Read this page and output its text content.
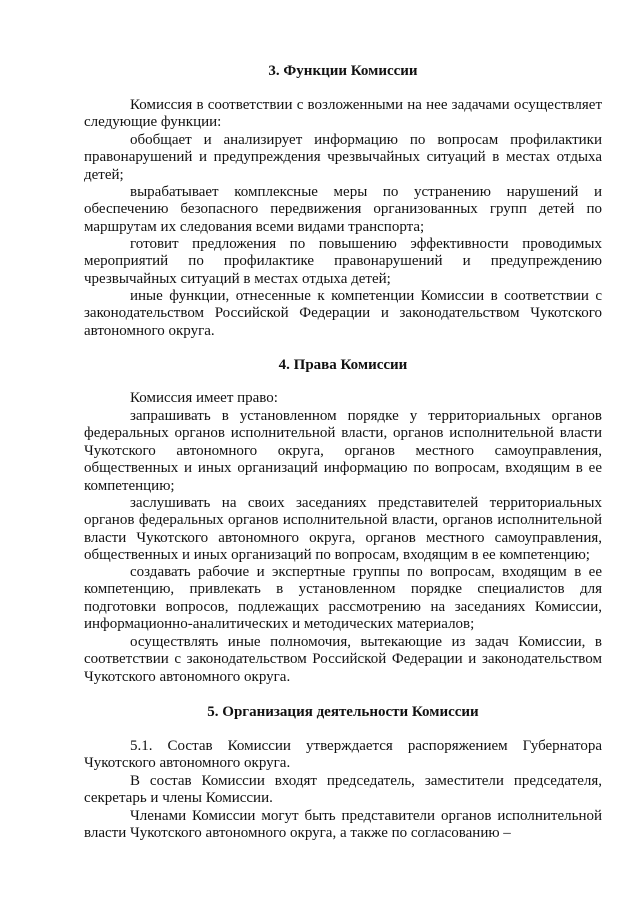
3. Функции Комиссии

Комиссия в соответствии с возложенными на нее задачами осуществляет следующие функции:

обобщает и анализирует информацию по вопросам профилактики правонарушений и предупреждения чрезвычайных ситуаций в местах отдыха детей;

вырабатывает комплексные меры по устранению нарушений и обеспечению безопасного передвижения организованных групп детей по маршрутам их следования всеми видами транспорта;

готовит предложения по повышению эффективности проводимых мероприятий по профилактике правонарушений и предупреждению чрезвычайных ситуаций в местах отдыха детей;

иные функции, отнесенные к компетенции Комиссии в соответствии с законодательством Российской Федерации и законодательством Чукотского автономного округа.

4. Права Комиссии

Комиссия имеет право:

запрашивать в установленном порядке у территориальных органов федеральных органов исполнительной власти, органов исполнительной власти Чукотского автономного округа, органов местного самоуправления, общественных и иных организаций информацию по вопросам, входящим в ее компетенцию;

заслушивать на своих заседаниях представителей территориальных органов федеральных органов исполнительной власти, органов исполнительной власти Чукотского автономного округа, органов местного самоуправления, общественных и иных организаций по вопросам, входящим в ее компетенцию;

создавать рабочие и экспертные группы по вопросам, входящим в ее компетенцию, привлекать в установленном порядке специалистов для подготовки вопросов, подлежащих рассмотрению на заседаниях Комиссии, информационно-аналитических и методических материалов;

осуществлять иные полномочия, вытекающие из задач Комиссии, в соответствии с законодательством Российской Федерации и законодательством Чукотского автономного округа.

5. Организация деятельности Комиссии

5.1. Состав Комиссии утверждается распоряжением Губернатора Чукотского автономного округа.

В состав Комиссии входят председатель, заместители председателя, секретарь и члены Комиссии.

Членами Комиссии могут быть представители органов исполнительной власти Чукотского автономного округа, а также по согласованию –
